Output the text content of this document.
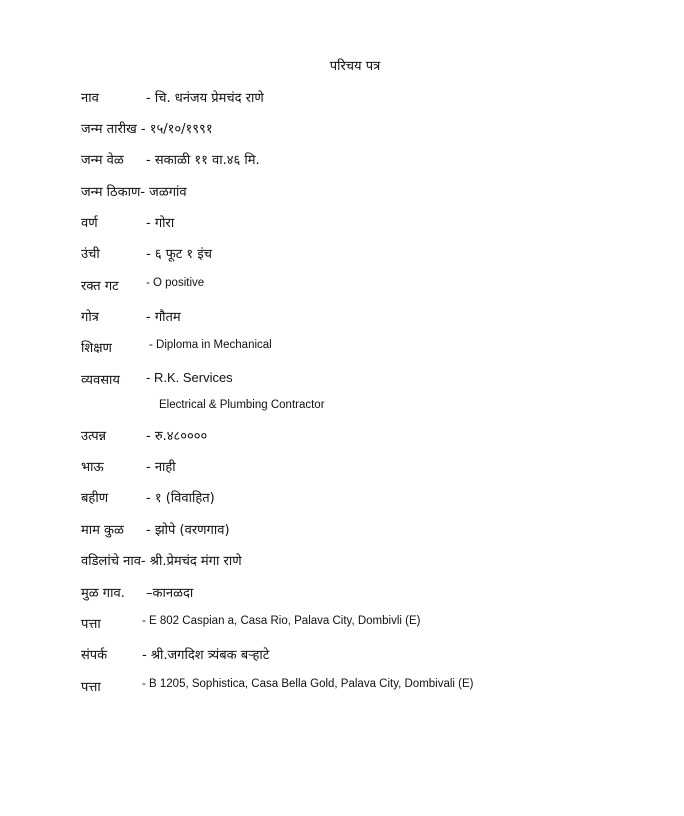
परिचय पत्र
नाव	- चि. धनंजय प्रेमचंद राणे
जन्म तारीख - १५/१०/१९९१
जन्म वेळ - सकाळी ११ वा.४६ मि.
जन्म ठिकाण- जळगांव
वर्ण	- गोरा
उंची	- ६ फूट १ इंच
रक्त गट - O positive
गोत्र	- गौतम
शिक्षण	- Diploma in Mechanical
व्यवसाय - R.K. Services
Electrical & Plumbing Contractor
उत्पन्न	- रु.४८००००
भाऊ	- नाही
बहीण	- १ (विवाहित)
माम कुळ - झोपे (वरणगाव)
वडिलांचे नाव- श्री.प्रेमचंद मंगा राणे
मुळ गाव. –कानळदा
पत्ता	- E 802 Caspian a, Casa Rio, Palava City, Dombivli (E)
संपर्क	- श्री.जगदिश त्र्यंबक बऱ्हाटे
पत्ता	- B 1205, Sophistica, Casa Bella Gold, Palava City, Dombivali (E)
